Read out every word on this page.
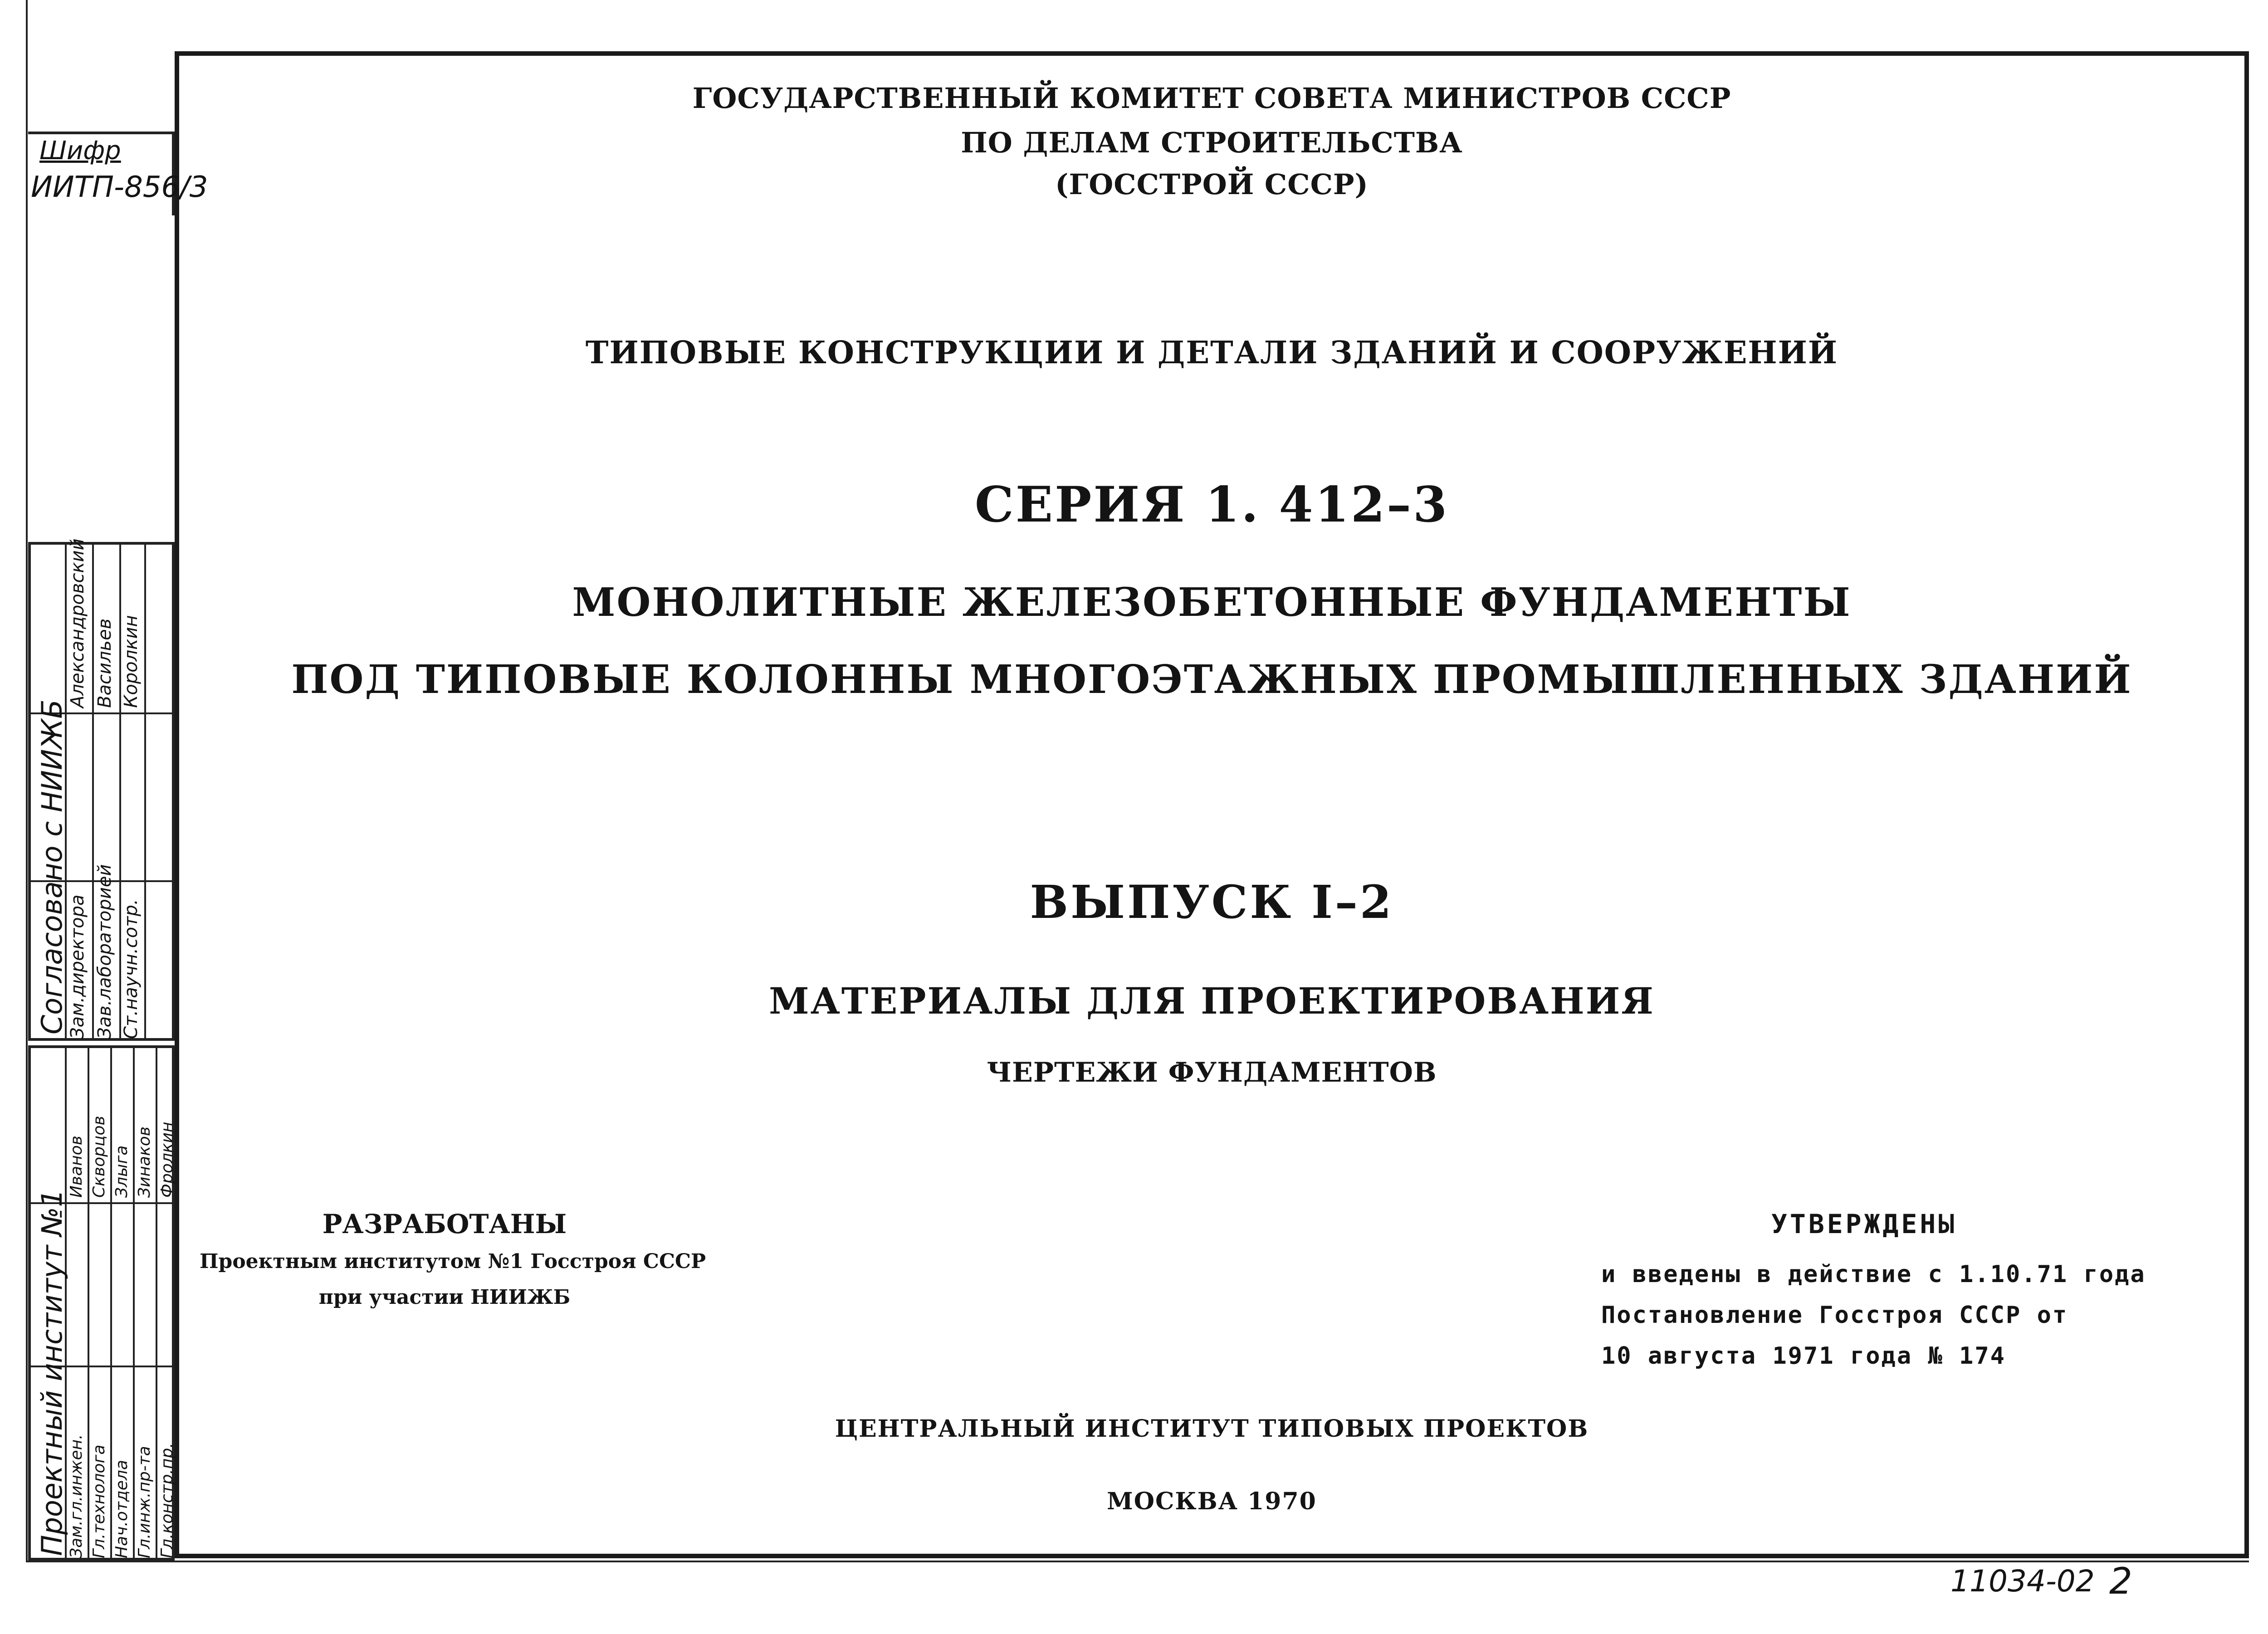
ГОСУДАРСТВЕННЫЙ КОМИТЕТ СОВЕТА МИНИСТРОВ СССР
ПО ДЕЛАМ СТРОИТЕЛЬСТВА
(ГОССТРОЙ СССР)
ТИПОВЫЕ КОНСТРУКЦИИ И ДЕТАЛИ ЗДАНИЙ И СООРУЖЕНИЙ
СЕРИЯ 1. 412–3
МОНОЛИТНЫЕ ЖЕЛЕЗОБЕТОННЫЕ ФУНДАМЕНТЫ
ПОД ТИПОВЫЕ КОЛОННЫ МНОГОЭТАЖНЫХ ПРОМЫШЛЕННЫХ ЗДАНИЙ
ВЫПУСК I–2
МАТЕРИАЛЫ ДЛЯ ПРОЕКТИРОВАНИЯ
ЧЕРТЕЖИ ФУНДАМЕНТОВ
РАЗРАБОТАНЫ
Проектным институтом №1 Госстроя СССР
при участии НИИЖБ
УТВЕРЖДЕНЫ
и введены в действие с 1.10.71 года
Постановление Госстроя СССР от
10 августа 1971 года № 174
ЦЕНТРАЛЬНЫЙ ИНСТИТУТ ТИПОВЫХ ПРОЕКТОВ
МОСКВА 1970
Шифр
ИИТП-856/3
Согласовано с НИИЖБ
Зам.директора Зав.лабораторией Ст.научн.сотр.
Александровский Васильев Королкин
Проектный институт №1
Зам.гл.инжен. Гл.технолога Нач.отдела Гл.инж.пр-та Гл.констр.пр.
Иванов Скворцов Злыга Зинаков Фролкин
11034-02 2
